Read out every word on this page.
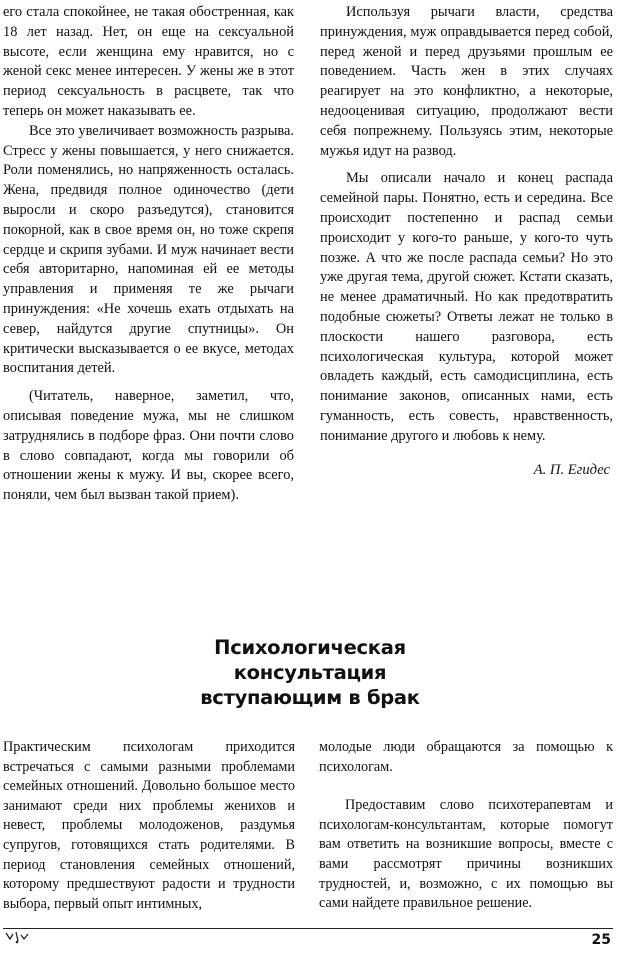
его стала спокойнее, не такая обостренная, как 18 лет назад. Нет, он еще на сексуальной высоте, если женщина ему нравится, но с женой секс менее интересен. У жены же в этот период сексуальность в расцвете, так что теперь он может наказывать ее.

Все это увеличивает возможность разрыва. Стресс у жены повышается, у него снижается. Роли поменялись, но напряженность осталась. Жена, предвидя полное одиночество (дети выросли и скоро разъедутся), становится покорной, как в свое время он, но тоже скрепя сердце и скрипя зубами. И муж начинает вести себя авторитарно, напоминая ей ее методы управления и применяя те же рычаги принуждения: «Не хочешь ехать отдыхать на север, найдутся другие спутницы». Он критически высказывается о ее вкусе, методах воспитания детей.

(Читатель, наверное, заметил, что, описывая поведение мужа, мы не слишком затруднялись в подборе фраз. Они почти слово в слово совпадают, когда мы говорили об отношении жены к мужу. И вы, скорее всего, поняли, чем был вызван такой прием).

Используя рычаги власти, средства принуждения, муж оправдывается перед собой, перед женой и перед друзьями прошлым ее поведением. Часть жен в этих случаях реагирует на это конфликтно, а некоторые, недооценивая ситуацию, продолжают вести себя попрежнему. Пользуясь этим, некоторые мужья идут на развод.

Мы описали начало и конец распада семейной пары. Понятно, есть и середина. Все происходит постепенно и распад семьи происходит у кого-то раньше, у кого-то чуть позже. А что же после распада семьи? Но это уже другая тема, другой сюжет. Кстати сказать, не менее драматичный. Но как предотвратить подобные сюжеты? Ответы лежат не только в плоскости нашего разговора, есть психологическая культура, которой может овладеть каждый, есть самодисциплина, есть понимание законов, описанных нами, есть гуманность, есть совесть, нравственность, понимание другого и любовь к нему.

А. П. Егидес
Психологическая
консультация
вступающим в брак

Практическим психологам приходится встречаться с самыми разными проблемами семейных отношений. Довольно большое место занимают среди них проблемы женихов и невест, проблемы молодоженов, раздумья супругов, готовящихся стать родителями. В период становления семейных отношений, которому предшествуют радости и трудности выбора, первый опыт интимных,

молодые люди обращаются за помощью к психологам.

Предоставим слово психотерапевтам и психологам-консультантам, которые помогут вам ответить на возникшие вопросы, вместе с вами рассмотрят причины возникших трудностей, и, возможно, с их помощью вы сами найдете правильное решение.

25
